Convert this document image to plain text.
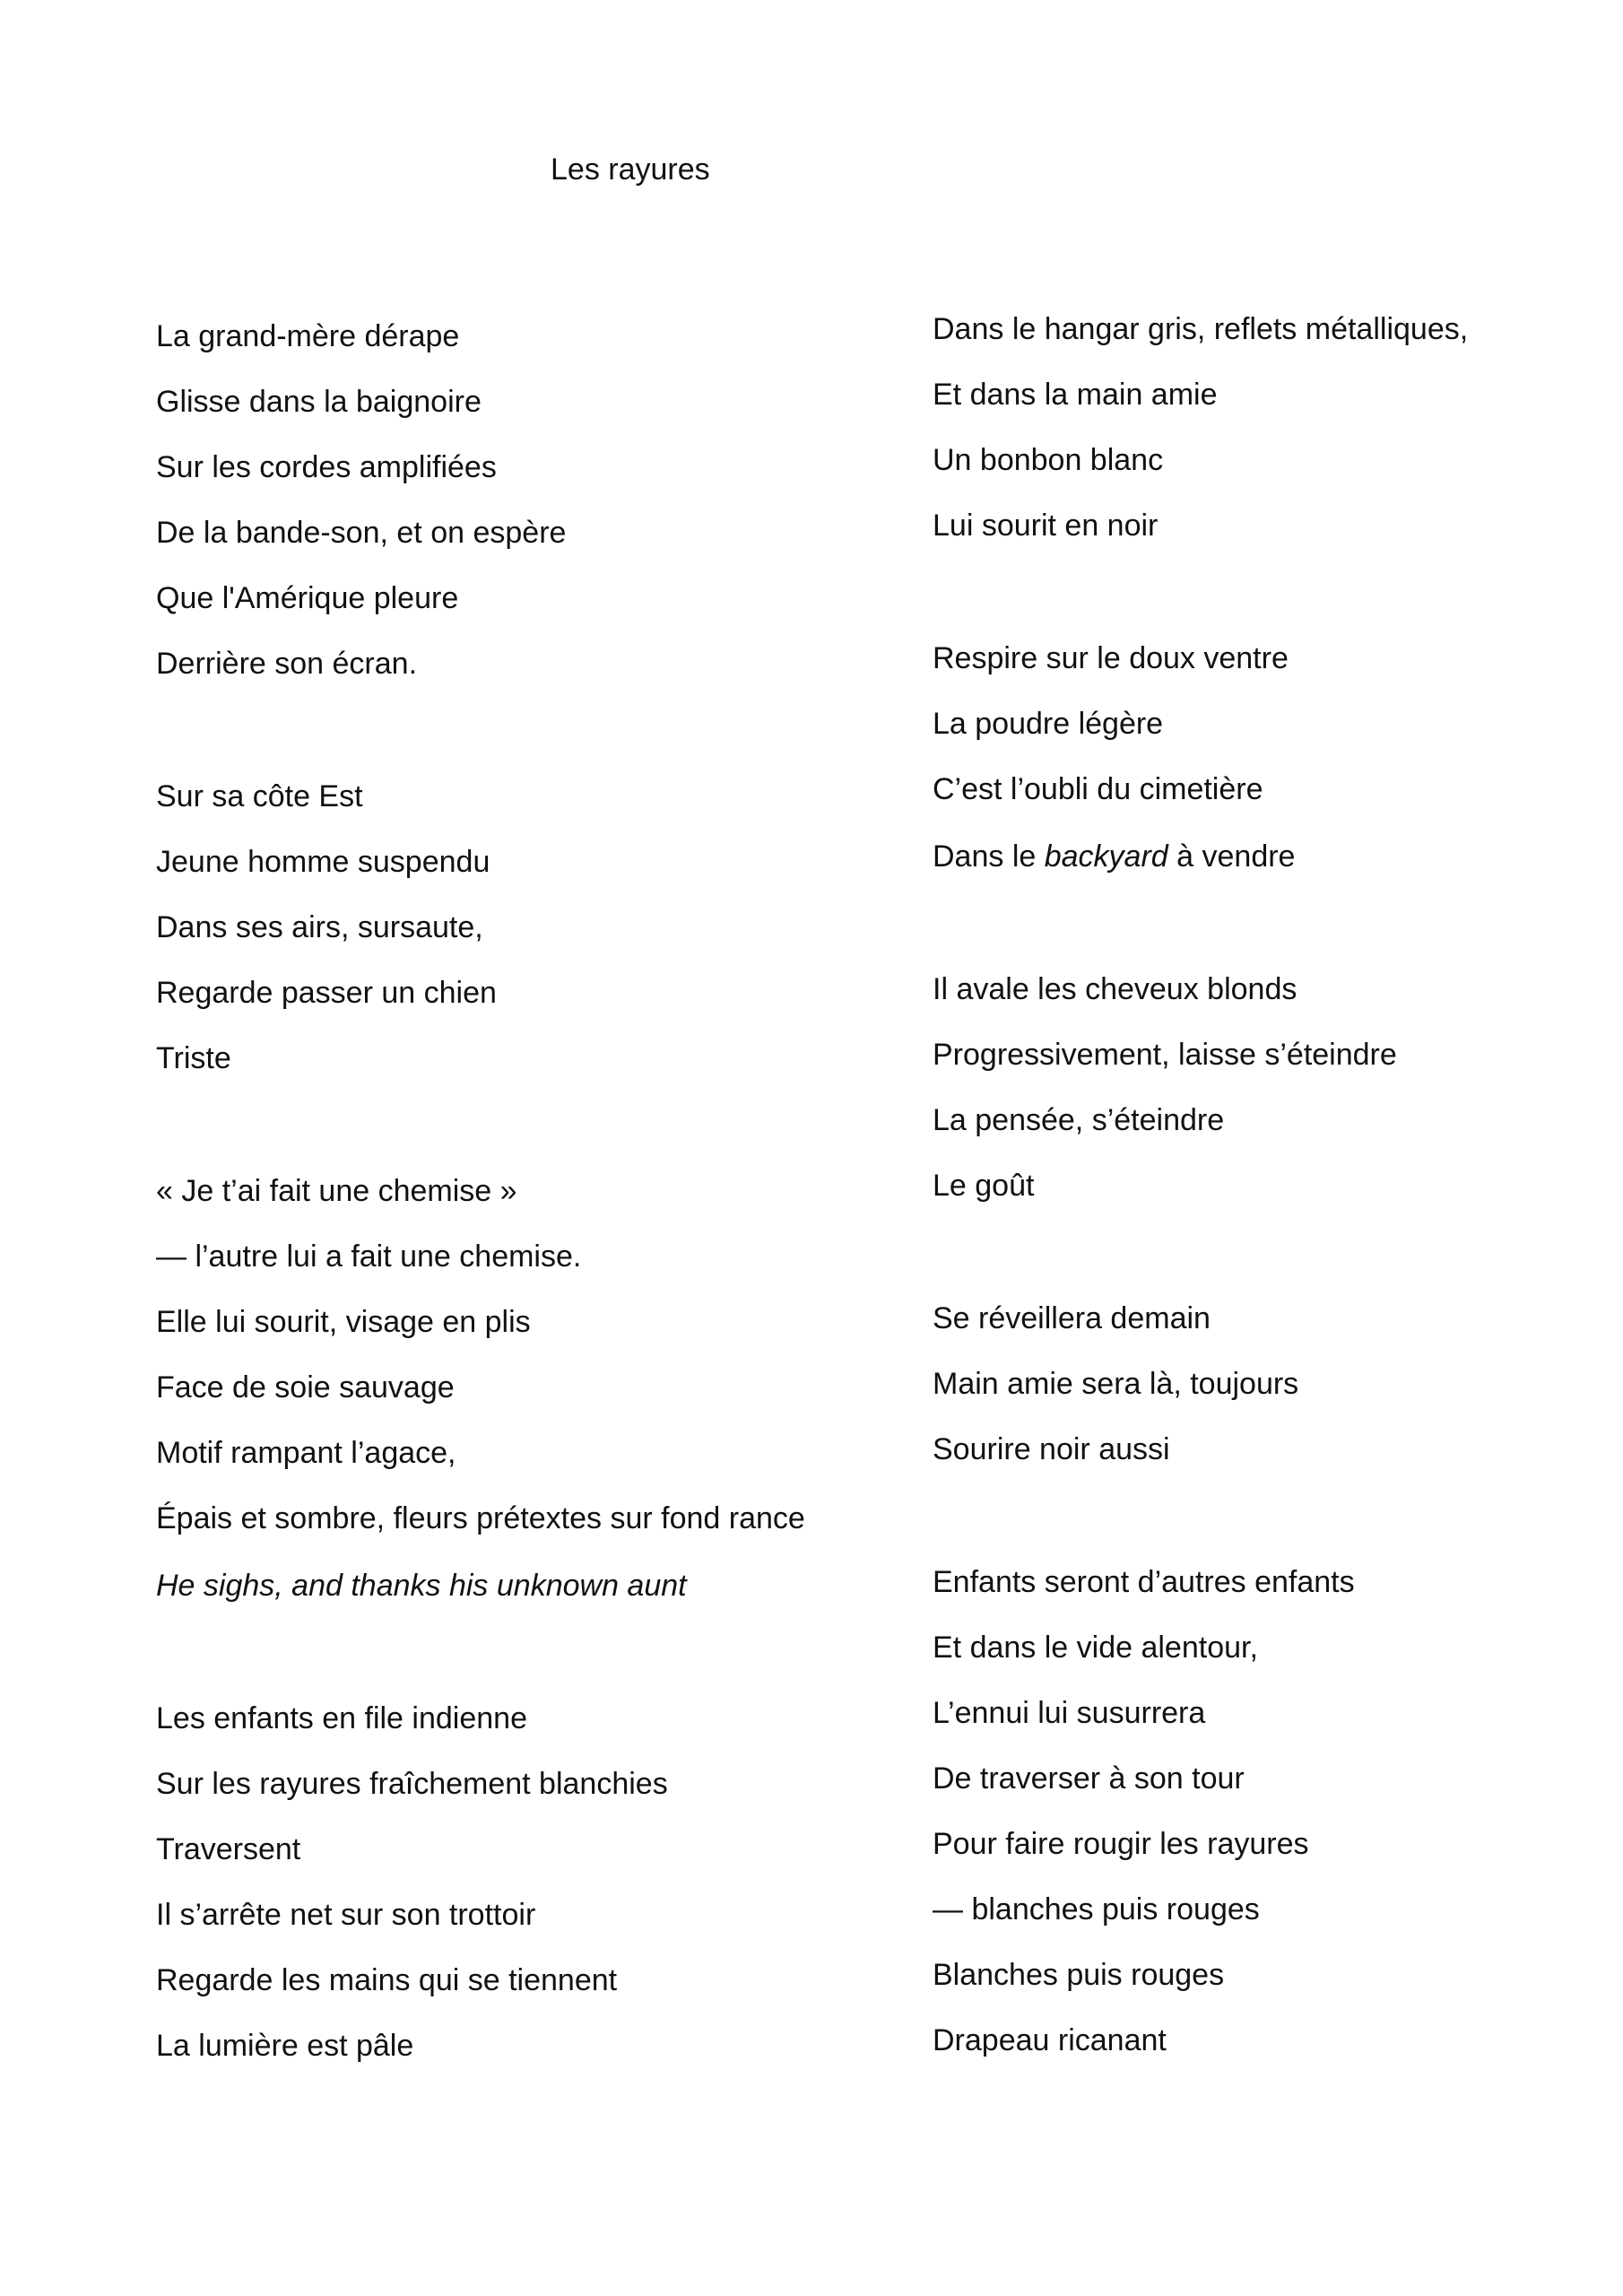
Les rayures
La grand-mère dérape
Glisse dans la baignoire
Sur les cordes amplifiées
De la bande-son, et on espère
Que l'Amérique pleure
Derrière son écran.
Sur sa côte Est
Jeune homme suspendu
Dans ses airs, sursaute,
Regarde passer un chien
Triste
« Je t’ai fait une chemise »
— l’autre lui a fait une chemise.
Elle lui sourit, visage en plis
Face de soie sauvage
Motif rampant l’agace,
Épais et sombre, fleurs prétextes sur fond rance
He sighs, and thanks his unknown aunt
Les enfants en file indienne
Sur les rayures fraîchement blanchies
Traversent
Il s’arrête net sur son trottoir
Regarde les mains qui se tiennent
La lumière est pâle
Dans le hangar gris, reflets métalliques,
Et dans la main amie
Un bonbon blanc
Lui sourit en noir
Respire sur le doux ventre
La poudre légère
C’est l’oubli du cimetière
Dans le backyard à vendre
Il avale les cheveux blonds
Progressivement, laisse s’éteindre
La pensée, s’éteindre
Le goût
Se réveillera demain
Main amie sera là, toujours
Sourire noir aussi
Enfants seront d’autres enfants
Et dans le vide alentour,
L’ennui lui susurrera
De traverser à son tour
Pour faire rougir les rayures
— blanches puis rouges
Blanches puis rouges
Drapeau ricanant
